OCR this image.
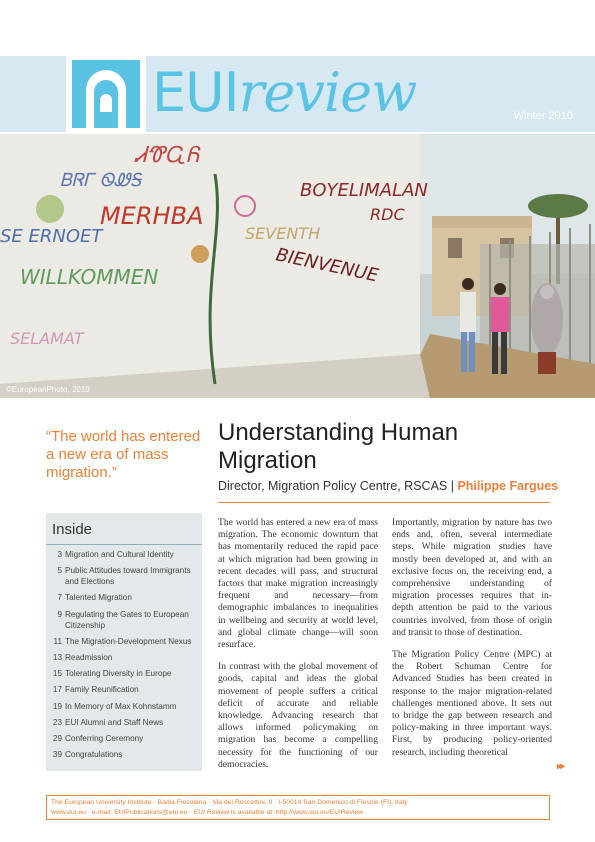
EUI review	Winter 2010
ᏗᏡᏩᏲ
ᏴᏒᎱ ᏫᏪᎦ
MERHBA
SE ERNOET
BOYELIMALAN
RDC
BIENVENUE
SEVENTH
WILLKOMMEN
SELAMAT
©EuropeanPhoto, 2010
“The world has entered a new era of mass migration.”
Understanding Human Migration
Director, Migration Policy Centre, RSCAS | Philippe Fargues
Inside
3 Migration and Cultural Identity
5 Public Attitudes toward Immigrants and Elections
7 Talented Migration
9 Regulating the Gates to European Citizenship
11 The Migration-Development Nexus
13 Readmission
15 Tolerating Diversity in Europe
17 Family Reunification
19 In Memory of Max Kohnstamm
23 EUI Alumni and Staff News
29 Conferring Ceremony
39 Congratulations

The world has entered a new era of mass migration. The economic downturn that has momentarily reduced the rapid pace at which migration had been growing in recent decades will pass, and structural factors that make migration increasingly frequent and necessary—from demographic imbalances to inequalities in wellbeing and security at world level, and global climate change—will soon resurface.

In contrast with the global movement of goods, capital and ideas the global movement of people suffers a critical deficit of accurate and reliable knowledge. Advancing research that allows informed policymaking on migration has become a compelling necessity for the functioning of our democracies.

Importantly, migration by nature has two ends and, often, several intermediate steps. While migration studies have mostly been developed at, and with an exclusive focus on, the receiving end, a comprehensive understanding of migration processes requires that in-depth attention be paid to the various countries involved, from those of origin and transit to those of destination.

The Migration Policy Centre (MPC) at the Robert Schuman Centre for Advanced Studies has been created in response to the major migration-related challenges mentioned above. It sets out to bridge the gap between research and policy-making in three important ways. First, by producing policy-oriented research, including theoretical

▸▸
The European University Institute · Badia Fiesolana · Via dei Roccettini, 9 · I-50014 San Domenico di Fiesole (FI), Italy
www.eui.eu · e-mail: EUIPublications@eui.eu · EUI Review is available at: http://www.eui.eu/EUIReview
